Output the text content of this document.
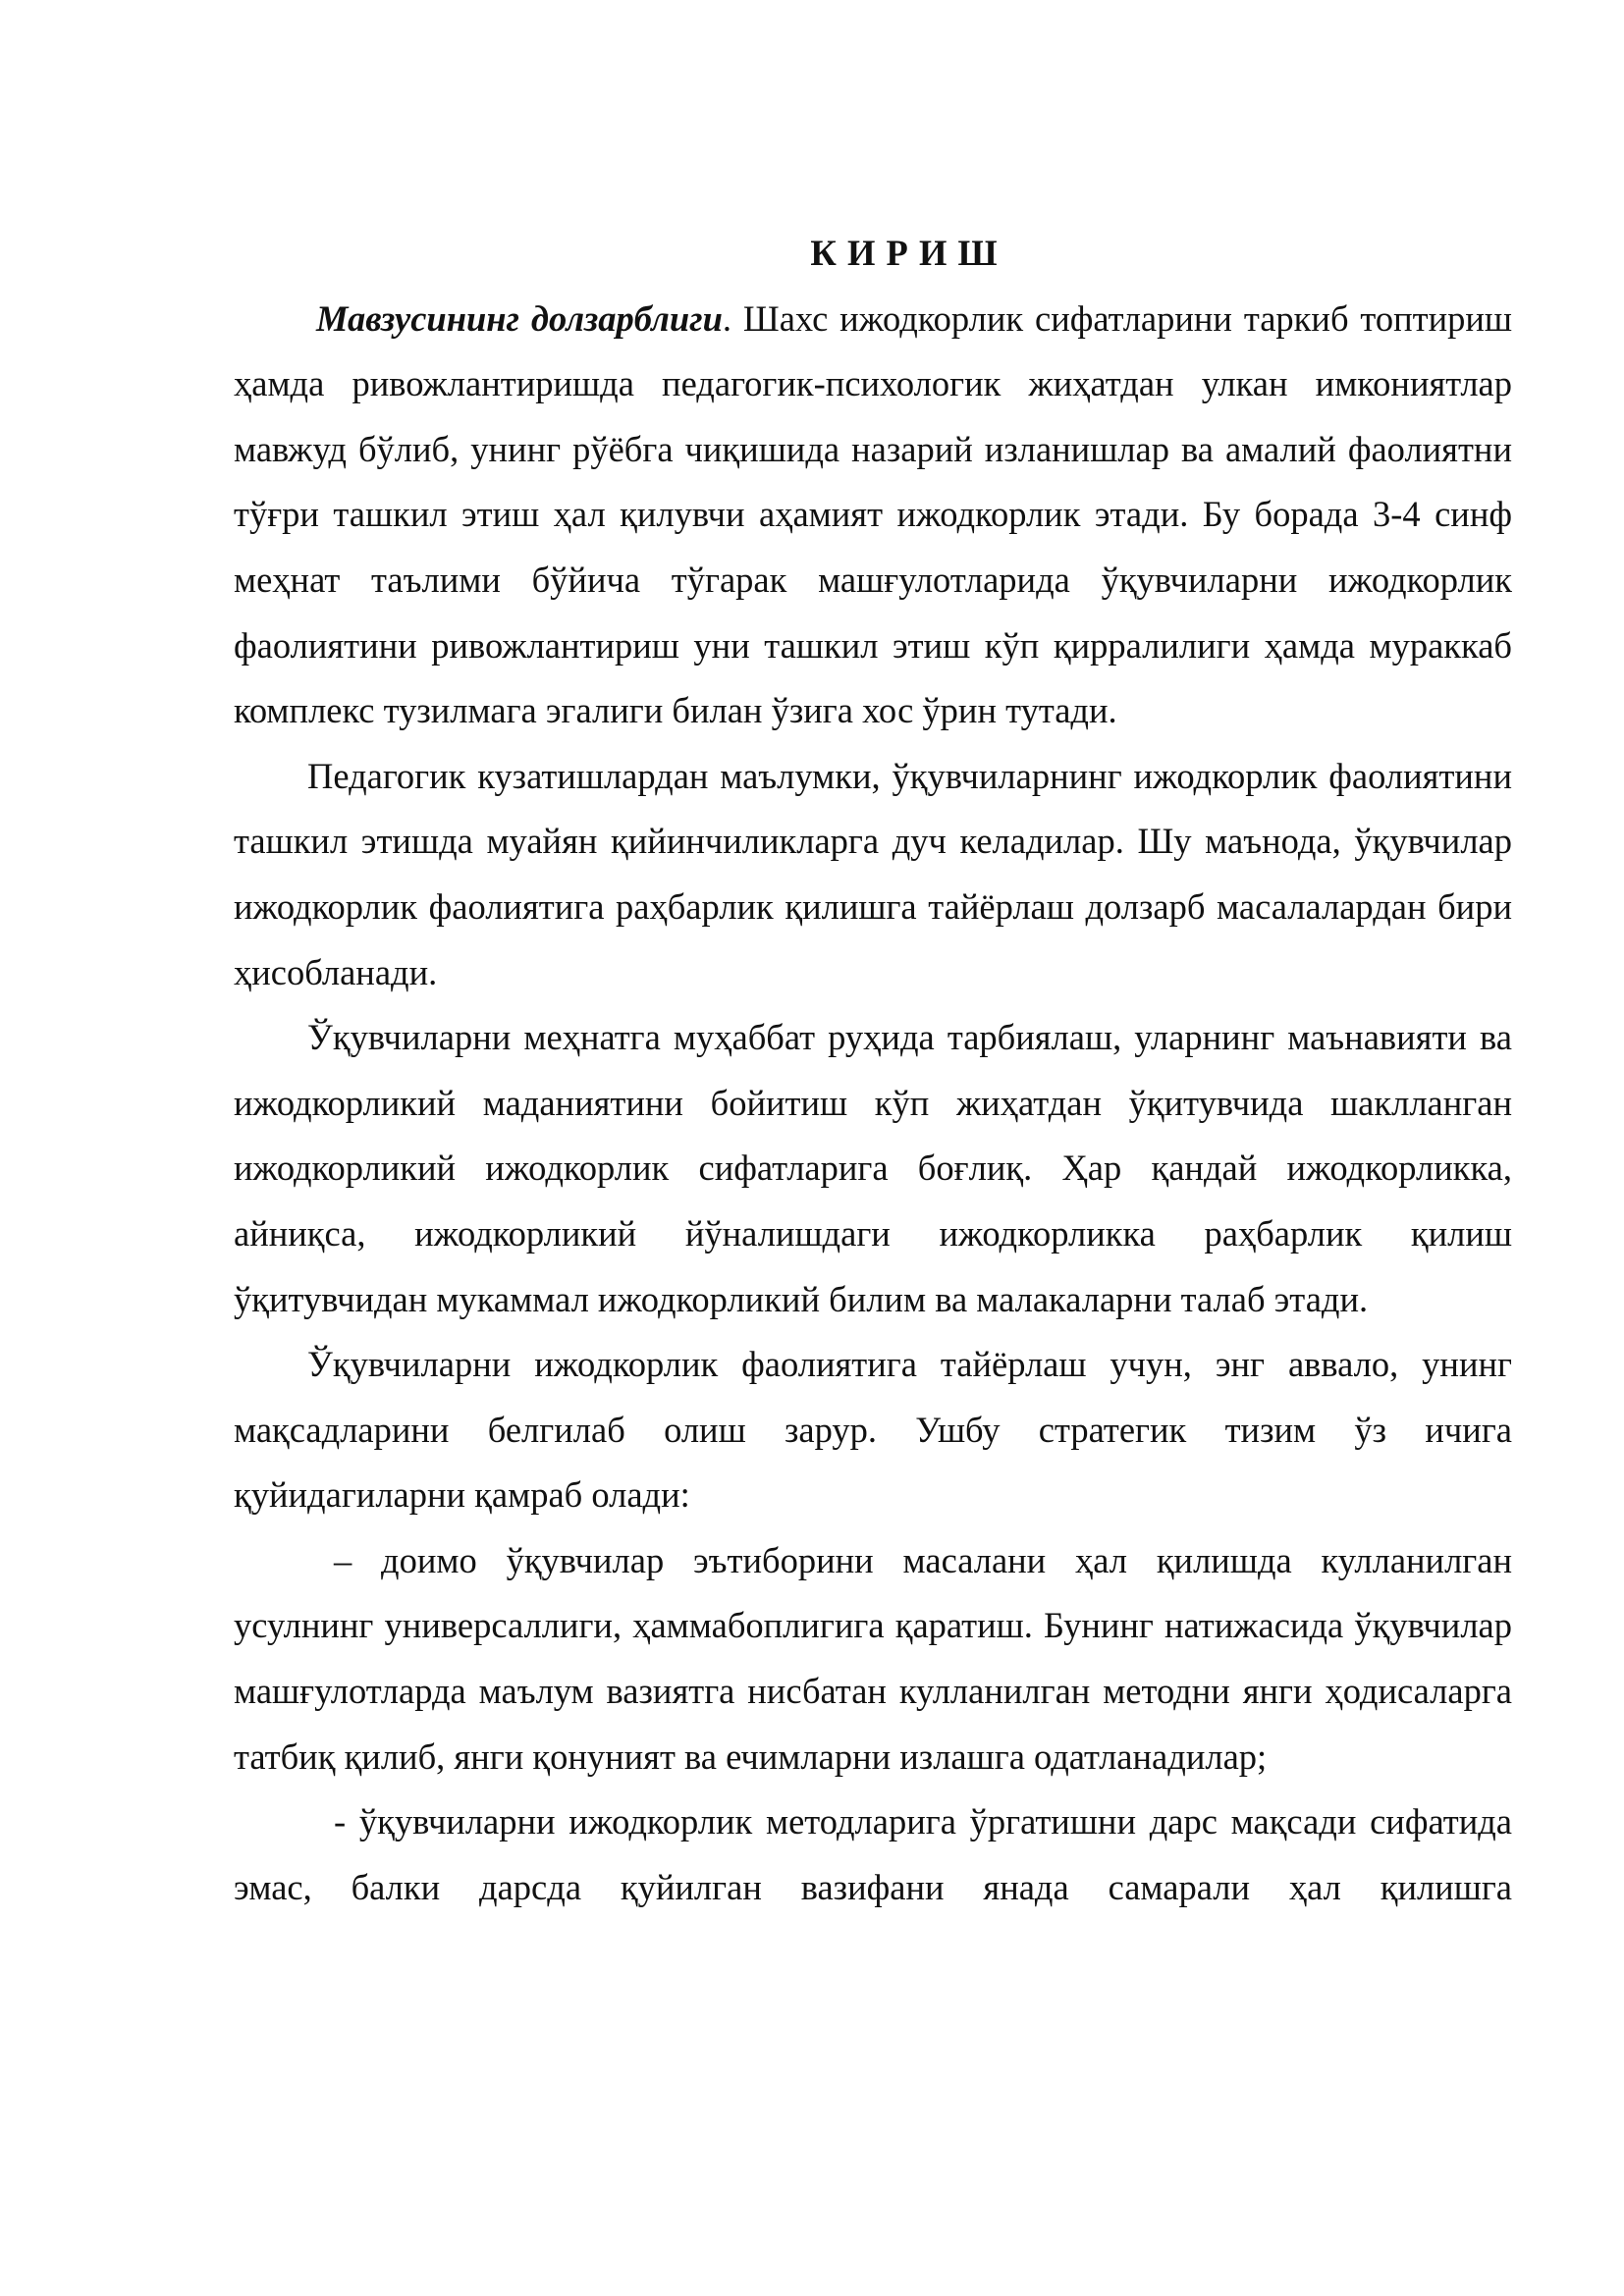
К И Р И Ш

Мавзусининг долзарблиги. Шахс ижодкорлик сифатларини таркиб топтириш ҳамда ривожлантиришда педагогик-психологик жиҳатдан улкан имкониятлар мавжуд бўлиб, унинг рўёбга чиқишида назарий изланишлар ва амалий фаолиятни тўғри ташкил этиш ҳал қилувчи аҳамият ижодкорлик этади. Бу борада 3-4 синф меҳнат таълими бўйича тўгарак машғулотларида ўқувчиларни ижодкорлик фаолиятини ривожлантириш уни ташкил этиш кўп қирралилиги ҳамда мураккаб комплекс тузилмага эгалиги билан ўзига хос ўрин тутади.

Педагогик кузатишлардан маълумки, ўқувчиларнинг ижодкорлик фаолиятини ташкил этишда муайян қийинчиликларга дуч келадилар. Шу маънода, ўқувчилар ижодкорлик фаолиятига раҳбарлик қилишга тайёрлаш долзарб масалалардан бири ҳисобланади.

Ўқувчиларни меҳнатга муҳаббат руҳида тарбиялаш, уларнинг маънавияти ва ижодкорликий маданиятини бойитиш кўп жиҳатдан ўқитувчида шаклланган ижодкорликий ижодкорлик сифатларига боғлиқ. Ҳар қандай ижодкорликка, айниқса, ижодкорликий йўналишдаги ижодкорликка раҳбарлик қилиш ўқитувчидан мукаммал ижодкорликий билим ва малакаларни талаб этади.

Ўқувчиларни ижодкорлик фаолиятига тайёрлаш учун, энг аввало, унинг мақсадларини белгилаб олиш зарур. Ушбу стратегик тизим ўз ичига қуйидагиларни қамраб олади:

– доимо ўқувчилар эътиборини масалани ҳал қилишда кулланилган усулнинг универсаллиги, ҳаммабоплигига қаратиш. Бунинг натижасида ўқувчилар машғулотларда маълум вазиятга нисбатан кулланилган методни янги ҳодисаларга татбиқ қилиб, янги қонуният ва ечимларни излашга одатланадилар;

- ўқувчиларни ижодкорлик методларига ўргатишни дарс мақсади сифатида эмас, балки дарсда қуйилган вазифани янада самарали ҳал қилишга
